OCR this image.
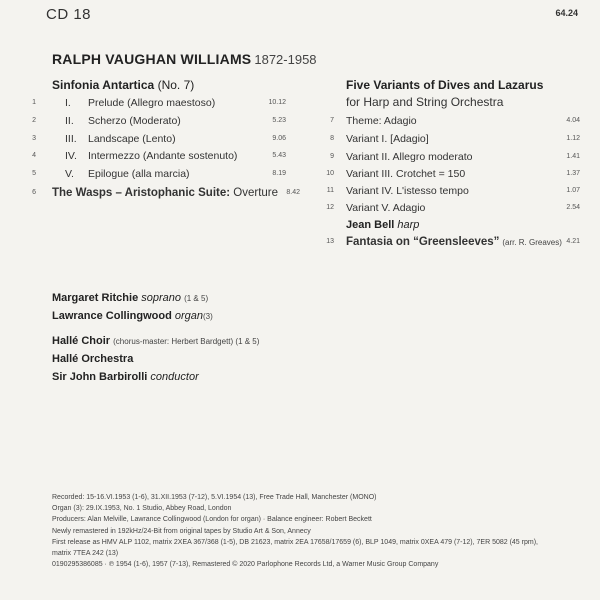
CD 18	64.24
RALPH VAUGHAN WILLIAMS 1872-1958
Sinfonia Antartica (No. 7)
1	I. Prelude (Allegro maestoso)	10.12
2	II. Scherzo (Moderato)	5.23
3	III. Landscape (Lento)	9.06
4	IV. Intermezzo (Andante sostenuto)	5.43
5	V. Epilogue (alla marcia)	8.19
6 The Wasps – Aristophanic Suite: Overture	8.42
Five Variants of Dives and Lazarus
for Harp and String Orchestra
7 Theme: Adagio	4.04
8 Variant I. [Adagio]	1.12
9 Variant II. Allegro moderato	1.41
10 Variant III. Crotchet = 150	1.37
11 Variant IV. L'istesso tempo	1.07
12 Variant V. Adagio	2.54
Jean Bell harp
13 Fantasia on “Greensleeves” (arr. R. Greaves) 4.21
Margaret Ritchie soprano (1 & 5)
Lawrance Collingwood organ(3)
Hallé Choir (chorus-master: Herbert Bardgett) (1 & 5)
Hallé Orchestra
Sir John Barbirolli conductor
Recorded: 15-16.VI.1953 (1-6), 31.XII.1953 (7-12), 5.VI.1954 (13), Free Trade Hall, Manchester (MONO)
Organ (3): 29.IX.1953, No. 1 Studio, Abbey Road, London
Producers: Alan Melville, Lawrance Collingwood (London for organ) · Balance engineer: Robert Beckett
Newly remastered in 192kHz/24-Bit from original tapes by Studio Art & Son, Annecy
First release as HMV ALP 1102, matrix 2XEA 367/368 (1-5), DB 21623, matrix 2EA 17658/17659 (6), BLP 1049, matrix 0XEA 479 (7-12), 7ER 5082 (45 rpm),
matrix 7TEA 242 (13)
0190295386085 · ℗ 1954 (1-6), 1957 (7-13), Remastered © 2020 Parlophone Records Ltd, a Warner Music Group Company
